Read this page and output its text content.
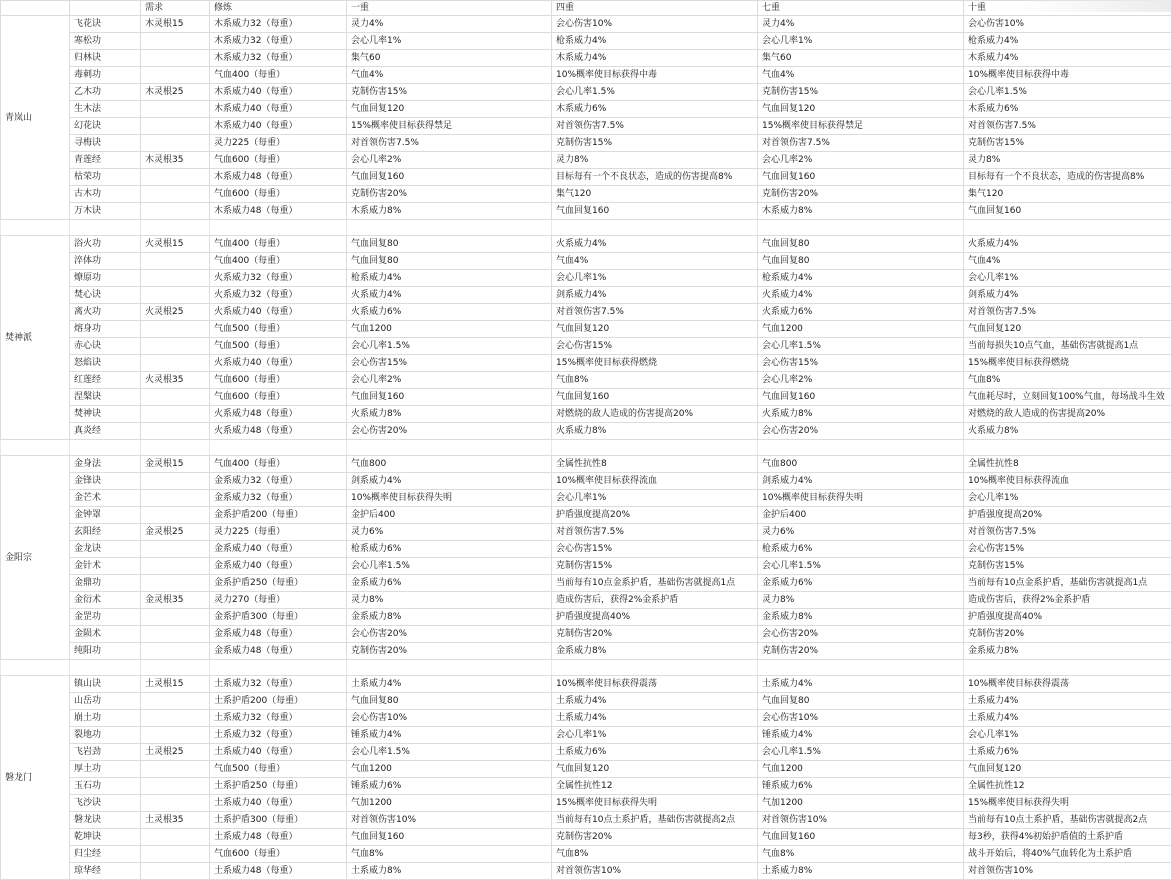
		需求	修炼	一重	四重	七重	十重
青岚山	飞花诀	木灵根15	木系威力32（每重）	灵力4%	会心伤害10%	灵力4%	会心伤害10%
	寒松功		木系威力32（每重）	会心几率1%	枪系威力4%	会心几率1%	枪系威力4%
	归林诀		木系威力32（每重）	集气60	木系威力4%	集气60	木系威力4%
	毒刺功		气血400（每重）	气血4%	10%概率使目标获得中毒	气血4%	10%概率使目标获得中毒
	乙木功	木灵根25	木系威力40（每重）	克制伤害15%	会心几率1.5%	克制伤害15%	会心几率1.5%
	生木法		木系威力40（每重）	气血回复120	木系威力6%	气血回复120	木系威力6%
	幻花诀		木系威力40（每重）	15%概率使目标获得禁足	对首领伤害7.5%	15%概率使目标获得禁足	对首领伤害7.5%
	寻梅诀		灵力225（每重）	对首领伤害7.5%	克制伤害15%	对首领伤害7.5%	克制伤害15%
	青莲经	木灵根35	气血600（每重）	会心几率2%	灵力8%	会心几率2%	灵力8%
	枯荣功		木系威力48（每重）	气血回复160	目标每有一个不良状态，造成的伤害提高8%	气血回复160	目标每有一个不良状态，造成的伤害提高8%
	古木功		气血600（每重）	克制伤害20%	集气120	克制伤害20%	集气120
	万木诀		木系威力48（每重）	木系威力8%	气血回复160	木系威力8%	气血回复160

焚神派	浴火功	火灵根15	气血400（每重）	气血回复80	火系威力4%	气血回复80	火系威力4%
	淬体功		气血400（每重）	气血回复80	气血4%	气血回复80	气血4%
	燎原功		火系威力32（每重）	枪系威力4%	会心几率1%	枪系威力4%	会心几率1%
	焚心诀		火系威力32（每重）	火系威力4%	剑系威力4%	火系威力4%	剑系威力4%
	离火功	火灵根25	火系威力40（每重）	火系威力6%	对首领伤害7.5%	火系威力6%	对首领伤害7.5%
	熔身功		气血500（每重）	气血1200	气血回复120	气血1200	气血回复120
	赤心诀		气血500（每重）	会心几率1.5%	会心伤害15%	会心几率1.5%	当前每损失10点气血，基础伤害就提高1点
	怒焰诀		火系威力40（每重）	会心伤害15%	15%概率使目标获得燃烧	会心伤害15%	15%概率使目标获得燃烧
	红莲经	火灵根35	气血600（每重）	会心几率2%	气血8%	会心几率2%	气血8%
	涅槃诀		气血600（每重）	气血回复160	气血回复160	气血回复160	气血耗尽时，立刻回复100%气血，每场战斗生效
	焚神诀		火系威力48（每重）	火系威力8%	对燃烧的敌人造成的伤害提高20%	火系威力8%	对燃烧的敌人造成的伤害提高20%
	真炎经		火系威力48（每重）	会心伤害20%	火系威力8%	会心伤害20%	火系威力8%

金阳宗	金身法	金灵根15	气血400（每重）	气血800	全属性抗性8	气血800	全属性抗性8
	金锋诀		金系威力32（每重）	剑系威力4%	10%概率使目标获得流血	剑系威力4%	10%概率使目标获得流血
	金芒术		金系威力32（每重）	10%概率使目标获得失明	会心几率1%	10%概率使目标获得失明	会心几率1%
	金钟罩		金系护盾200（每重）	金护后400	护盾强度提高20%	金护后400	护盾强度提高20%
	玄阳经	金灵根25	灵力225（每重）	灵力6%	对首领伤害7.5%	灵力6%	对首领伤害7.5%
	金龙诀		金系威力40（每重）	枪系威力6%	会心伤害15%	枪系威力6%	会心伤害15%
	金针术		金系威力40（每重）	会心几率1.5%	克制伤害15%	会心几率1.5%	克制伤害15%
	金鼎功		金系护盾250（每重）	金系威力6%	当前每有10点金系护盾，基础伤害就提高1点	金系威力6%	当前每有10点金系护盾，基础伤害就提高1点
	金衍术	金灵根35	灵力270（每重）	灵力8%	造成伤害后，获得2%金系护盾	灵力8%	造成伤害后，获得2%金系护盾
	金罡功		金系护盾300（每重）	金系威力8%	护盾强度提高40%	金系威力8%	护盾强度提高40%
	金陨术		金系威力48（每重）	会心伤害20%	克制伤害20%	会心伤害20%	克制伤害20%
	纯阳功		金系威力48（每重）	克制伤害20%	金系威力8%	克制伤害20%	金系威力8%

磐龙门	镇山诀	土灵根15	土系威力32（每重）	土系威力4%	10%概率使目标获得震荡	土系威力4%	10%概率使目标获得震荡
	山岳功		土系护盾200（每重）	气血回复80	土系威力4%	气血回复80	土系威力4%
	崩土功		土系威力32（每重）	会心伤害10%	土系威力4%	会心伤害10%	土系威力4%
	裂地功		土系威力32（每重）	锤系威力4%	会心几率1%	锤系威力4%	会心几率1%
	飞岩劲	土灵根25	土系威力40（每重）	会心几率1.5%	土系威力6%	会心几率1.5%	土系威力6%
	厚土功		气血500（每重）	气血1200	气血回复120	气血1200	气血回复120
	玉石功		土系护盾250（每重）	锤系威力6%	全属性抗性12	锤系威力6%	全属性抗性12
	飞沙诀		土系威力40（每重）	气加1200	15%概率使目标获得失明	气加1200	15%概率使目标获得失明
	磐龙诀	土灵根35	土系护盾300（每重）	对首领伤害10%	当前每有10点土系护盾，基础伤害就提高2点	对首领伤害10%	当前每有10点土系护盾，基础伤害就提高2点
	乾坤诀		土系威力48（每重）	气血回复160	克制伤害20%	气血回复160	每3秒，获得4%初始护盾值的土系护盾
	归尘经		气血600（每重）	气血8%	气血8%	气血8%	战斗开始后，将40%气血转化为土系护盾
	琼华经		土系威力48（每重）	土系威力8%	对首领伤害10%	土系威力8%	对首领伤害10%
